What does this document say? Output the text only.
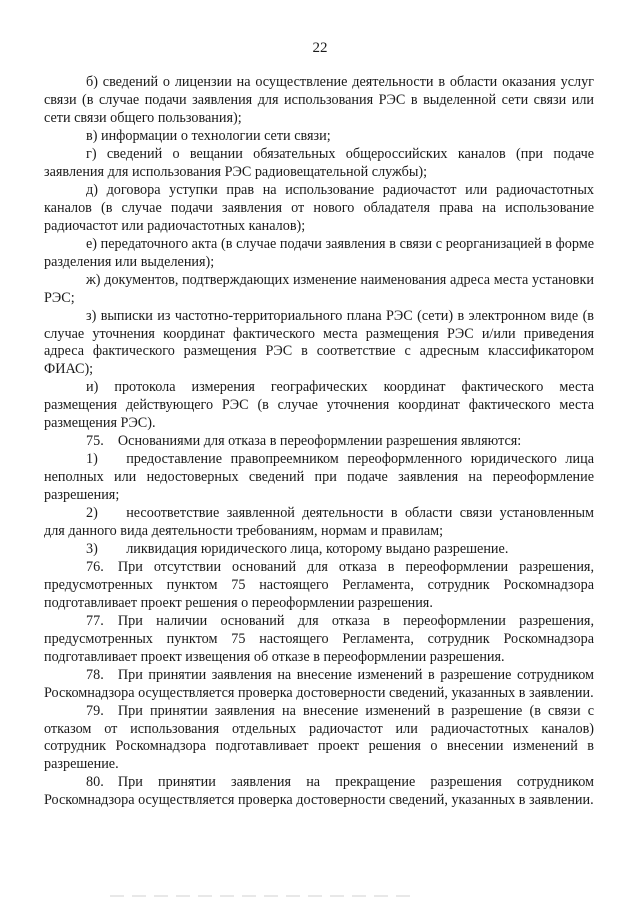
22

б) сведений о лицензии на осуществление деятельности в области оказания услуг связи (в случае подачи заявления для использования РЭС в выделенной сети связи или сети связи общего пользования);

в) информации о технологии сети связи;

г) сведений о вещании обязательных общероссийских каналов (при подаче заявления для использования РЭС радиовещательной службы);

д) договора уступки прав на использование радиочастот или радиочастотных каналов (в случае подачи заявления от нового обладателя права на использование радиочастот или радиочастотных каналов);

е) передаточного акта (в случае подачи заявления в связи с реорганизацией в форме разделения или выделения);

ж) документов, подтверждающих изменение наименования адреса места установки РЭС;

з) выписки из частотно-территориального плана РЭС (сети) в электронном виде (в случае уточнения координат фактического места размещения РЭС и/или приведения адреса фактического размещения РЭС в соответствие с адресным классификатором ФИАС);

и) протокола измерения географических координат фактического места размещения действующего РЭС (в случае уточнения координат фактического места размещения РЭС).

75. Основаниями для отказа в переоформлении разрешения являются:

1)  предоставление правопреемником переоформленного юридического лица неполных или недостоверных сведений при подаче заявления на переоформление разрешения;

2)  несоответствие заявленной деятельности в области связи установленным для данного вида деятельности требованиям, нормам и правилам;

3)  ликвидация юридического лица, которому выдано разрешение.

76. При отсутствии оснований для отказа в переоформлении разрешения, предусмотренных пунктом 75 настоящего Регламента, сотрудник Роскомнадзора подготавливает проект решения о переоформлении разрешения.

77. При наличии оснований для отказа в переоформлении разрешения, предусмотренных пунктом 75 настоящего Регламента, сотрудник Роскомнадзора подготавливает проект извещения об отказе в переоформлении разрешения.

78. При принятии заявления на внесение изменений в разрешение сотрудником Роскомнадзора осуществляется проверка достоверности сведений, указанных в заявлении.

79. При принятии заявления на внесение изменений в разрешение (в связи с отказом от использования отдельных радиочастот или радиочастотных каналов) сотрудник Роскомнадзора подготавливает проект решения о внесении изменений в разрешение.

80. При принятии заявления на прекращение разрешения сотрудником Роскомнадзора осуществляется проверка достоверности сведений, указанных в заявлении.
